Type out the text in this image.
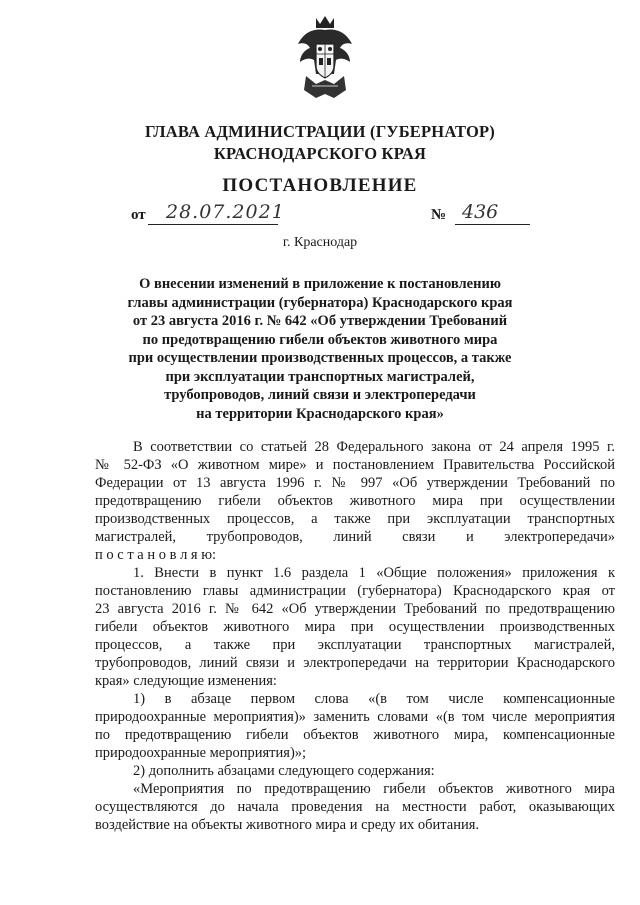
ГЛАВА АДМИНИСТРАЦИИ (ГУБЕРНАТОР)
КРАСНОДАРСКОГО КРАЯ
ПОСТАНОВЛЕНИЕ
от 28.07.2021	№ 436
г. Краснодар
О внесении изменений в приложение к постановлению
главы администрации (губернатора) Краснодарского края
от 23 августа 2016 г. № 642 «Об утверждении Требований
по предотвращению гибели объектов животного мира
при осуществлении производственных процессов, а также
при эксплуатации транспортных магистралей,
трубопроводов, линий связи и электропередачи
на территории Краснодарского края»
В соответствии со статьей 28 Федерального закона от 24 апреля 1995 г.
№ 52-ФЗ «О животном мире» и постановлением Правительства Российской
Федерации от 13 августа 1996 г. № 997 «Об утверждении Требований по
предотвращению гибели объектов животного мира при осуществлении
производственных процессов, а также при эксплуатации транспортных
магистралей, трубопроводов, линий связи и электропередачи»
п о с т а н о в л я ю:
1. Внести в пункт 1.6 раздела 1 «Общие положения» приложения к
постановлению главы администрации (губернатора) Краснодарского края от
23 августа 2016 г. № 642 «Об утверждении Требований по предотвращению
гибели объектов животного мира при осуществлении производственных
процессов, а также при эксплуатации транспортных магистралей,
трубопроводов, линий связи и электропередачи на территории Краснодарского
края» следующие изменения:
1) в абзаце первом слова «(в том числе компенсационные
природоохранные мероприятия)» заменить словами «(в том числе мероприятия
по предотвращению гибели объектов животного мира, компенсационные
природоохранные мероприятия)»;
2) дополнить абзацами следующего содержания:
«Мероприятия по предотвращению гибели объектов животного мира
осуществляются до начала проведения на местности работ, оказывающих
воздействие на объекты животного мира и среду их обитания.
